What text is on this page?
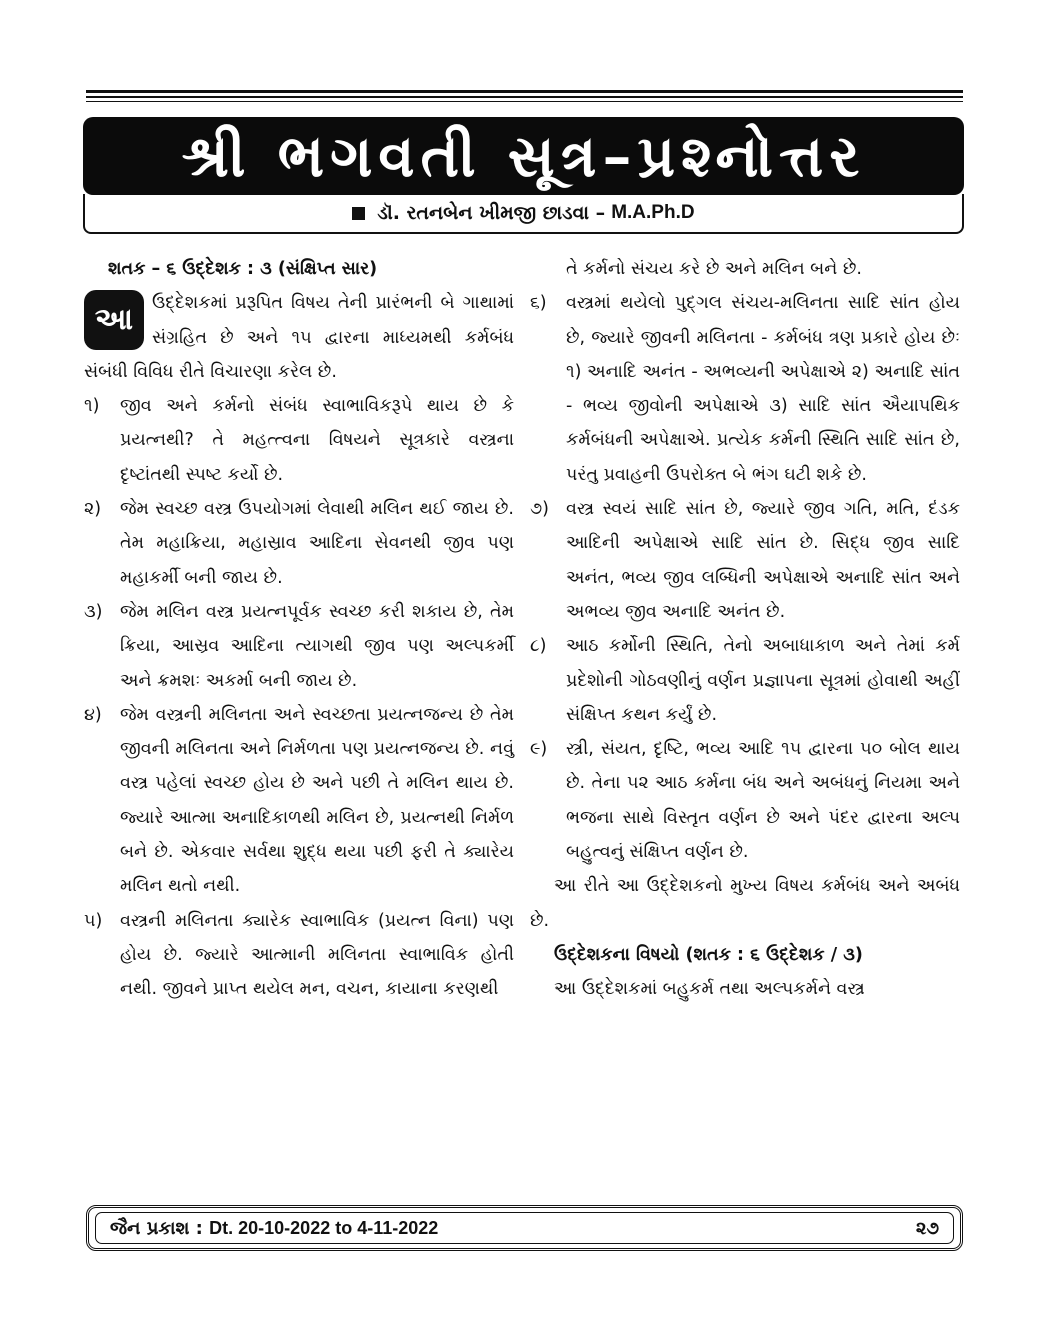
શ્રી ભગવતી સૂત્ર–પ્રશ્નોત્તર
ડૉ. રતનબેન ખીમજી છાડવા – M.A.Ph.D

શતક – ૬ ઉદ્દેશક : ૩ (સંક્ષિપ્ત સાર)

આ	ઉદ્દેશકમાં પ્રરૂપિત વિષય તેની પ્રારંભની બે ગાથામાં સંગ્રહિત છે અને ૧૫ દ્વારના માધ્યમથી કર્મબંધ સંબંધી વિવિધ રીતે વિચારણા કરેલ છે.

૧)	જીવ અને કર્મનો સંબંધ સ્વાભાવિકરૂપે થાય છે કે પ્રયત્નથી? તે મહત્ત્વના વિષયને સૂત્રકારે વસ્ત્રના દૃષ્ટાંતથી સ્પષ્ટ કર્યો છે.
૨)	જેમ સ્વચ્છ વસ્ત્ર ઉપયોગમાં લેવાથી મલિન થઈ જાય છે. તેમ મહાક્રિયા, મહાસ્રાવ આદિના સેવનથી જીવ પણ મહાકર્મી બની જાય છે.
૩)	જેમ મલિન વસ્ત્ર પ્રયત્નપૂર્વક સ્વચ્છ કરી શકાય છે, તેમ ક્રિયા, આસ્રવ આદિના ત્યાગથી જીવ પણ અલ્પકર્મી અને ક્રમશઃ અકર્મા બની જાય છે.
૪)	જેમ વસ્ત્રની મલિનતા અને સ્વચ્છતા પ્રયત્નજન્ય છે તેમ જીવની મલિનતા અને નિર્મળતા પણ પ્રયત્નજન્ય છે. નવું વસ્ત્ર પહેલાં સ્વચ્છ હોય છે અને પછી તે મલિન થાય છે. જ્યારે આત્મા અનાદિકાળથી મલિન છે, પ્રયત્નથી નિર્મળ બને છે. એકવાર સર્વથા શુદ્ધ થયા પછી ફરી તે ક્યારેય મલિન થતો નથી.
૫)	વસ્ત્રની મલિનતા ક્યારેક સ્વાભાવિક (પ્રયત્ન વિના) પણ હોય છે. જ્યારે આત્માની મલિનતા સ્વાભાવિક હોતી નથી. જીવને પ્રાપ્ત થયેલ મન, વચન, કાયાના કરણથી
તે કર્મનો સંચય કરે છે અને મલિન બને છે.
૬)	વસ્ત્રમાં થયેલો પુદ્ગલ સંચય-મલિનતા સાદિ સાંત હોય છે, જ્યારે જીવની મલિનતા - કર્મબંધ ત્રણ પ્રકારે હોય છેઃ ૧) અનાદિ અનંત - અભવ્યની અપેક્ષાએ ૨) અનાદિ સાંત - ભવ્ય જીવોની અપેક્ષાએ ૩) સાદિ સાંત ઐયાપથિક કર્મબંધની અપેક્ષાએ. પ્રત્યેક કર્મની સ્થિતિ સાદિ સાંત છે, પરંતુ પ્રવાહની ઉપરોક્ત બે ભંગ ઘટી શકે છે.
૭) વસ્ત્ર સ્વયં સાદિ સાંત છે, જ્યારે જીવ ગતિ, મતિ, દંડક આદિની અપેક્ષાએ સાદિ સાંત છે. સિદ્ધ જીવ સાદિ અનંત, ભવ્ય જીવ લબ્ધિની અપેક્ષાએ અનાદિ સાંત અને અભવ્ય જીવ અનાદિ અનંત છે.
૮)	આઠ કર્મોની સ્થિતિ, તેનો અબાધાકાળ અને તેમાં કર્મ પ્રદેશોની ગોઠવણીનું વર્ણન પ્રજ્ઞાપના સૂત્રમાં હોવાથી અહીં સંક્ષિપ્ત કથન કર્યું છે.
૯)	સ્ત્રી, સંયત, દૃષ્ટિ, ભવ્ય આદિ ૧૫ દ્વારના ૫૦ બોલ થાય છે. તેના ૫૨ આઠ કર્મના બંધ અને અબંધનું નિયમા અને ભજના સાથે વિસ્તૃત વર્ણન છે અને પંદર દ્વારના અલ્પ બહુત્વનું સંક્ષિપ્ત વર્ણન છે.

આ રીતે આ ઉદ્દેશકનો મુખ્ય વિષય કર્મબંધ અને અબંધ છે.

ઉદ્દેશકના વિષયો (શતક : ૬ ઉદ્દેશક / ૩)

આ ઉદ્દેશકમાં બહુકર્મ તથા અલ્પકર્મને વસ્ત્ર

જૈન પ્રકાશ : Dt. 20-10-2022 to 4-11-2022	૨૭
